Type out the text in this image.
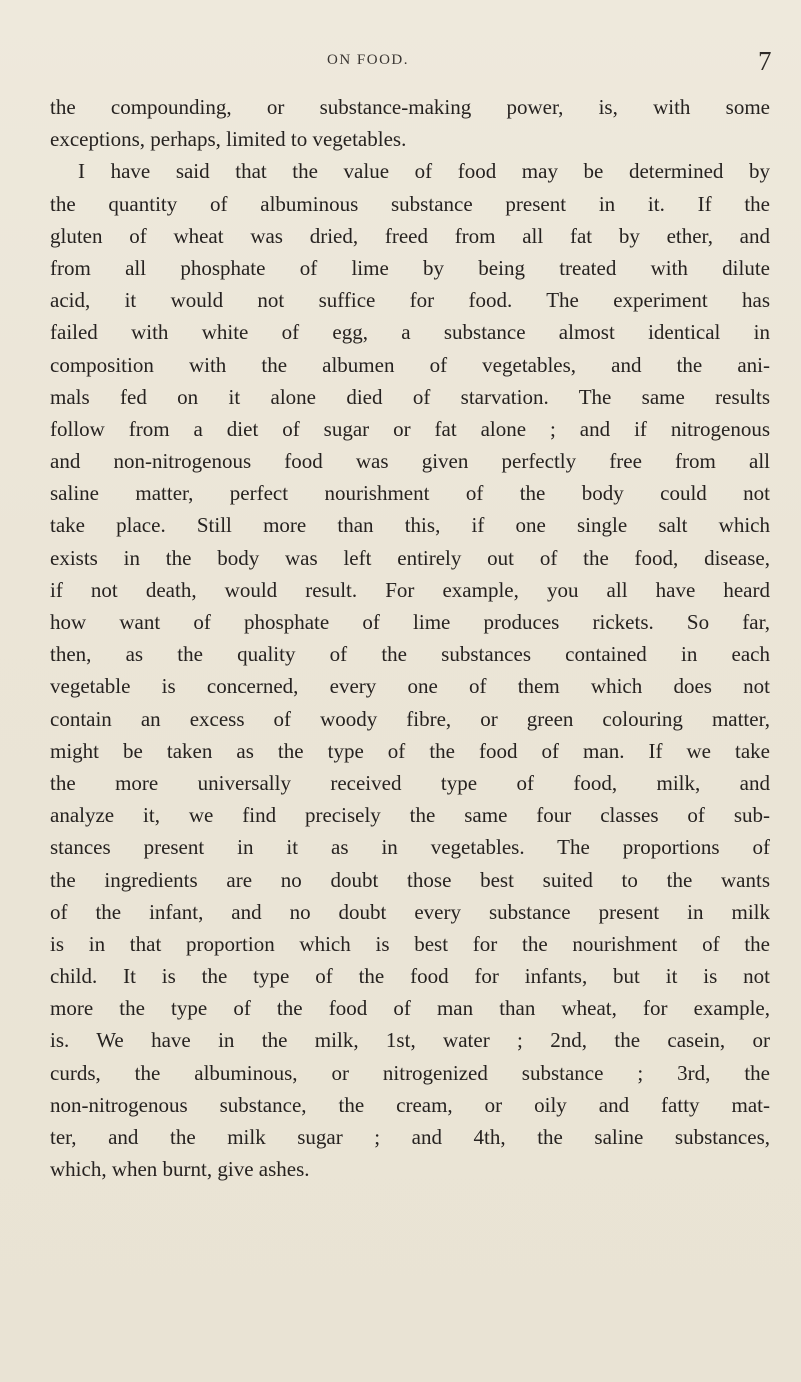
ON FOOD.	7
the compounding, or substance-making power, is, with some
exceptions, perhaps, limited to vegetables.
I have said that the value of food may be determined by
the quantity of albuminous substance present in it. If the
gluten of wheat was dried, freed from all fat by ether, and
from all phosphate of lime by being treated with dilute
acid, it would not suffice for food. The experiment has
failed with white of egg, a substance almost identical in
composition with the albumen of vegetables, and the ani-
mals fed on it alone died of starvation. The same results
follow from a diet of sugar or fat alone ; and if nitrogenous
and non-nitrogenous food was given perfectly free from all
saline matter, perfect nourishment of the body could not
take place. Still more than this, if one single salt which
exists in the body was left entirely out of the food, disease,
if not death, would result. For example, you all have heard
how want of phosphate of lime produces rickets. So far,
then, as the quality of the substances contained in each
vegetable is concerned, every one of them which does not
contain an excess of woody fibre, or green colouring matter,
might be taken as the type of the food of man. If we take
the more universally received type of food, milk, and
analyze it, we find precisely the same four classes of sub-
stances present in it as in vegetables. The proportions of
the ingredients are no doubt those best suited to the wants
of the infant, and no doubt every substance present in milk
is in that proportion which is best for the nourishment of the
child. It is the type of the food for infants, but it is not
more the type of the food of man than wheat, for example,
is. We have in the milk, 1st, water ; 2nd, the casein, or
curds, the albuminous, or nitrogenized substance ; 3rd, the
non-nitrogenous substance, the cream, or oily and fatty mat-
ter, and the milk sugar ; and 4th, the saline substances,
which, when burnt, give ashes.
